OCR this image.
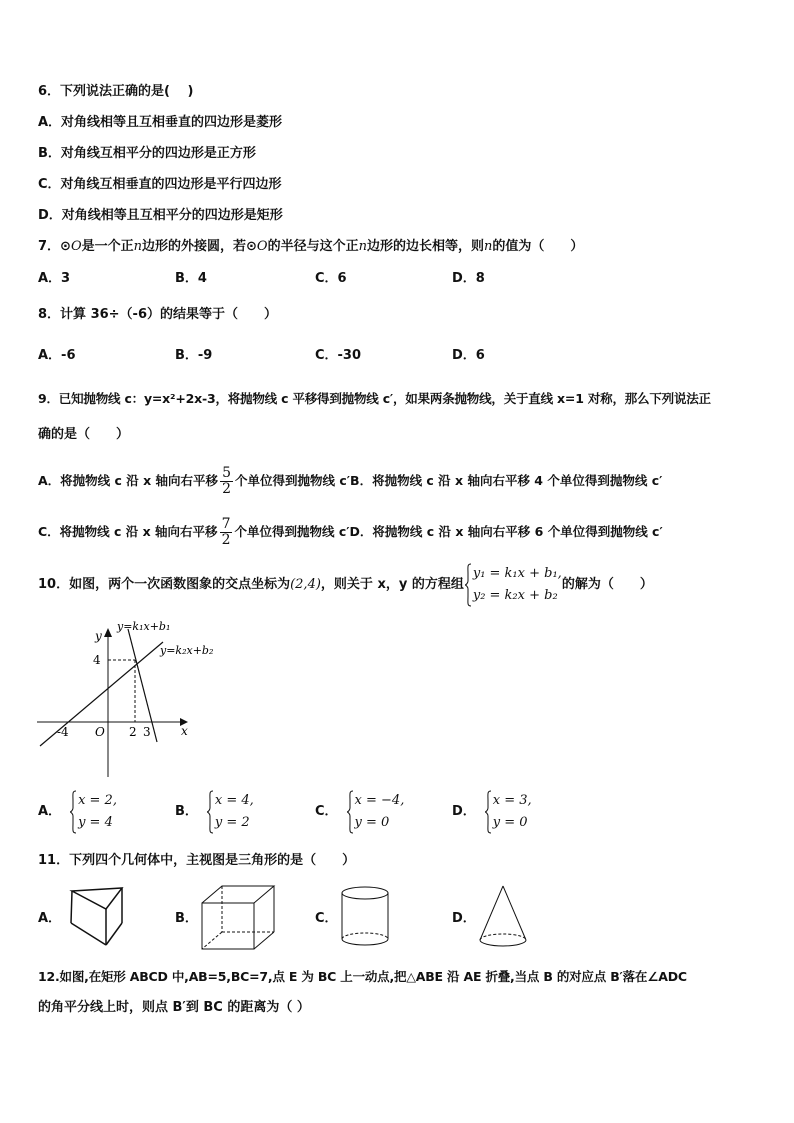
6．下列说法正确的是(　 )
A．对角线相等且互相垂直的四边形是菱形
B．对角线互相平分的四边形是正方形
C．对角线互相垂直的四边形是平行四边形
D．对角线相等且互相平分的四边形是矩形
7．⊙O是一个正n边形的外接圆，若⊙O的半径与这个正n边形的边长相等，则n的值为（　　）
A．3	B．4	C．6	D．8
8．计算 36÷（-6）的结果等于（　　）
A．-6	B．-9	C．-30	D．6
9．已知抛物线 c：y=x²+2x-3，将抛物线 c 平移得到抛物线 c′，如果两条抛物线，关于直线 x=1 对称，那么下列说法正
确的是（　　）
A．将抛物线 c 沿 x 轴向右平移 $\frac{5}{2}$ 个单位得到抛物线 c′B．将抛物线 c 沿 x 轴向右平移 4 个单位得到抛物线 c′
C．将抛物线 c 沿 x 轴向右平移 $\frac{7}{2}$ 个单位得到抛物线 c′D．将抛物线 c 沿 x 轴向右平移 6 个单位得到抛物线 c′
10．如图，两个一次函数图象的交点坐标为(2,4)，则关于 x，y 的方程组
y₁ = k₁x + b₁,
y₂ = k₂x + b₂
的解为（　　）
y=k₁x+b₁
y=k₂x+b₂
y
x
O
4
-4	2 3
A．
x = 2,
y = 4
B．
x = 4,
y = 2
C．
x = −4,
y = 0
D．
x = 3,
y = 0
11．下列四个几何体中，主视图是三角形的是（　　）
A．	B．	C．	D．
12.如图,在矩形 ABCD 中,AB=5,BC=7,点 E 为 BC 上一动点,把△ABE 沿 AE 折叠,当点 B 的对应点 B′落在∠ADC
的角平分线上时，则点 B′到 BC 的距离为（ ）
